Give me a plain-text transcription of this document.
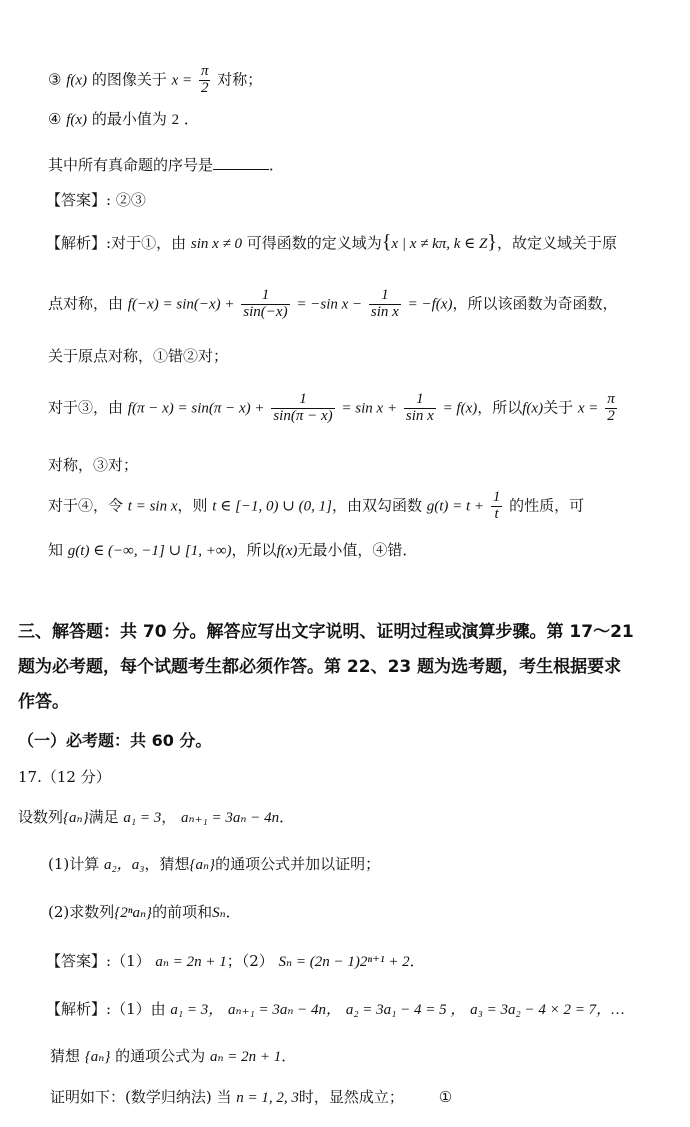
③ f(x) 的图像关于 $x = \frac{\pi}{2}$ 对称；
④ f(x) 的最小值为 2 ．
其中所有真命题的序号是	．
【答案】: ②③
【解析】:对于①，由 sin x ≠ 0 可得函数的定义域为{x | x ≠ kπ, k ∈ Z}，故定义域关于原
点对称，由 $f(-x) = \sin(-x) + \frac{1}{\sin(-x)} = -\sin$ $x - \frac{1}{\text{sin x}} = -f(x)$，所以该函数为奇函数，
关于原点对称，①错②对；
对于③，由 $f(\pi - x) = \sin(\pi - x) + \frac{1}{\sin(\pi - x)} = \sin x + \frac{1}{\text{sin x}} = f(x)$，所以f(x)关于 $x = \frac{\pi}{2}$
对称，③对；
对于④，令 t = sin x，则 t ∈ [−1, 0) ∪ (0, 1]，由双勾函数 $g(t) = t + \frac{1}{t}$ 的性质，可
知 g(t) ∈ (−∞, −1] ∪ [1, +∞)，所以f(x)无最小值，④错．
三、解答题：共 70 分。解答应写出文字说明、证明过程或演算步骤。第 17～21
题为必考题，每个试题考生都必须作答。第 22、23 题为选考题，考生根据要求
作答。
（一）必考题：共 60 分。
17.（12 分）
设数列{aₙ}满足 a₁ = 3， aₙ₊₁ = 3aₙ − 4n．
(1)计算 a₂，a₃，猜想{aₙ}的通项公式并加以证明；
(2)求数列{2ⁿaₙ}的前项和Sₙ．
【答案】:（1） aₙ = 2n + 1；（2） Sₙ = (2n − 1)2ⁿ⁺¹ + 2．
【解析】:（1）由 a₁ = 3， aₙ₊₁ = 3aₙ − 4n， a₂ = 3a₁ − 4 = 5 ， a₃ = 3a₂ − 4 × 2 = 7，…
猜想 {aₙ} 的通项公式为 aₙ = 2n + 1．
证明如下：(数学归纳法) 当 n = 1, 2, 3时，显然成立； ①
